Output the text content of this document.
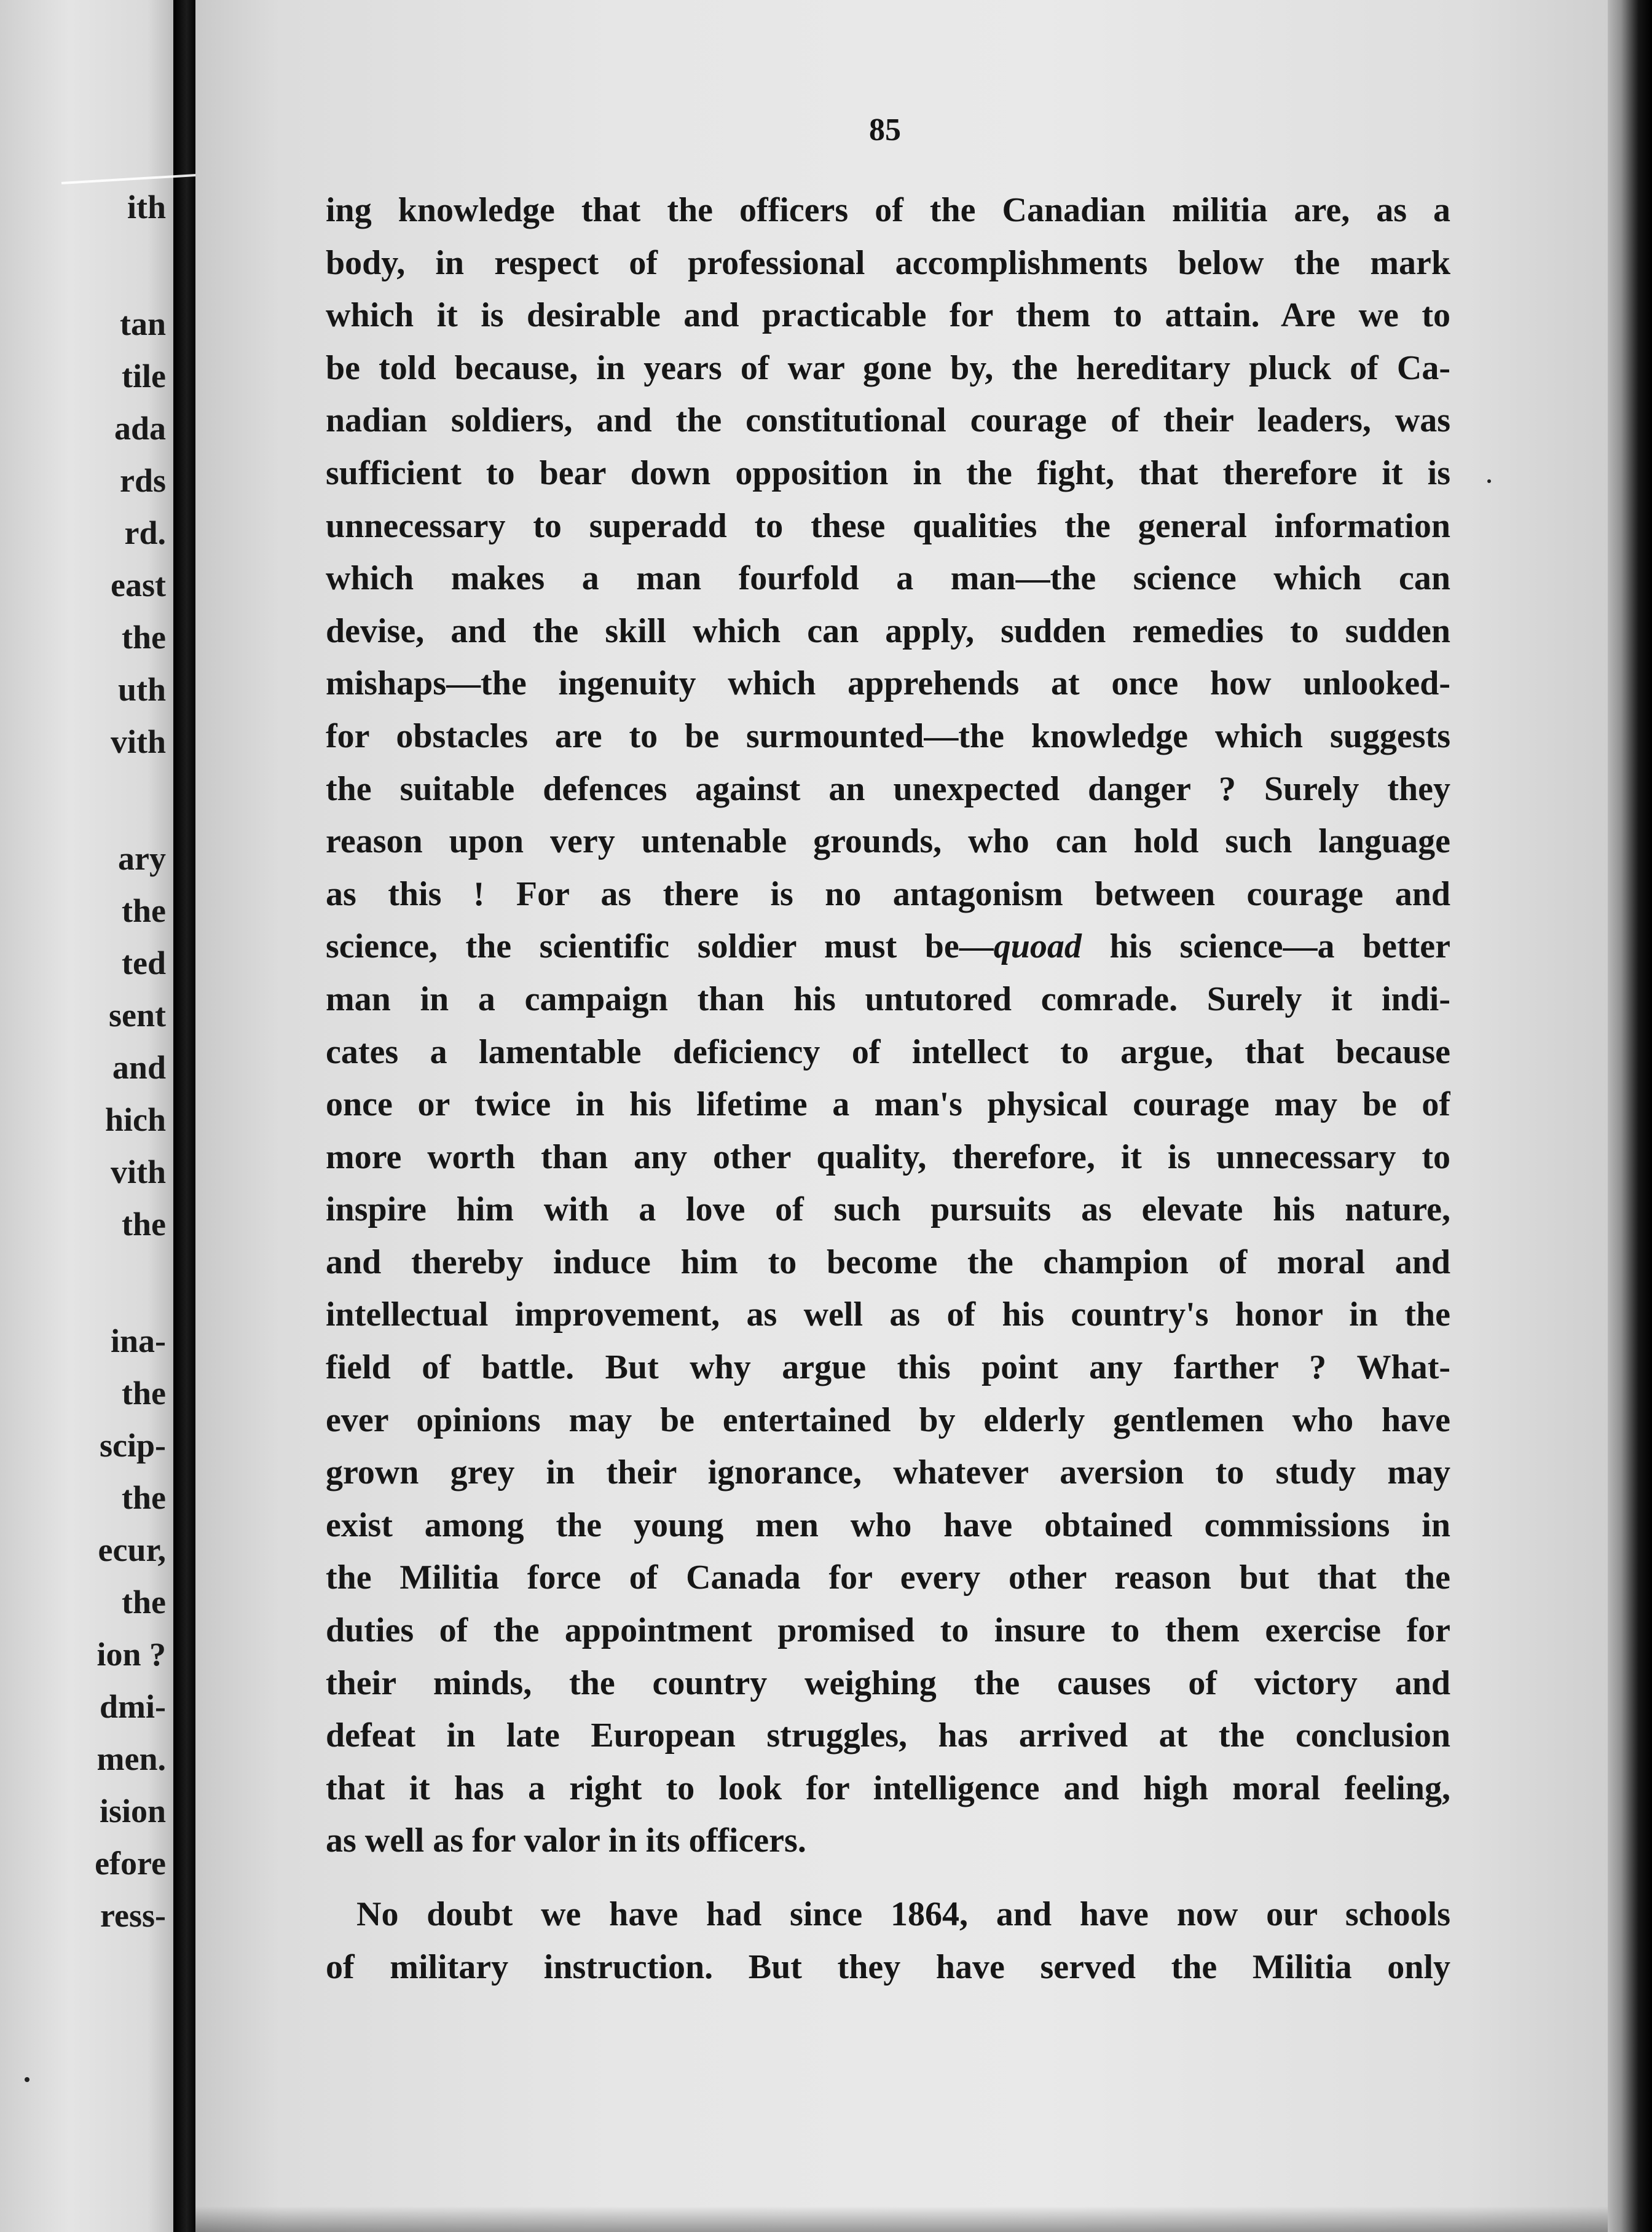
ith
tan
tile
ada
rds
rd.
east
the
uth
vith
ary
the
ted
sent
and
hich
vith
the
ina-
the
scip-
the
ecur,
the
ion ?
dmi-
men.
ision
efore
ress-
85
ing knowledge that the officers of the Canadian militia are, as a
body, in respect of professional accomplishments below the mark
which it is desirable and practicable for them to attain. Are we to
be told because, in years of war gone by, the hereditary pluck of Ca-
nadian soldiers, and the constitutional courage of their leaders, was
sufficient to bear down opposition in the fight, that therefore it is
unnecessary to superadd to these qualities the general information
which makes a man fourfold a man—the science which can
devise, and the skill which can apply, sudden remedies to sudden
mishaps—the ingenuity which apprehends at once how unlooked-
for obstacles are to be surmounted—the knowledge which suggests
the suitable defences against an unexpected danger ? Surely they
reason upon very untenable grounds, who can hold such language
as this ! For as there is no antagonism between courage and
science, the scientific soldier must be—quoad his science—a better
man in a campaign than his untutored comrade. Surely it indi-
cates a lamentable deficiency of intellect to argue, that because
once or twice in his lifetime a man's physical courage may be of
more worth than any other quality, therefore, it is unnecessary to
inspire him with a love of such pursuits as elevate his nature,
and thereby induce him to become the champion of moral and
intellectual improvement, as well as of his country's honor in the
field of battle. But why argue this point any farther ? What-
ever opinions may be entertained by elderly gentlemen who have
grown grey in their ignorance, whatever aversion to study may
exist among the young men who have obtained commissions in
the Militia force of Canada for every other reason but that the
duties of the appointment promised to insure to them exercise for
their minds, the country weighing the causes of victory and
defeat in late European struggles, has arrived at the conclusion
that it has a right to look for intelligence and high moral feeling,
as well as for valor in its officers.
No doubt we have had since 1864, and have now our schools
of military instruction. But they have served the Militia only
